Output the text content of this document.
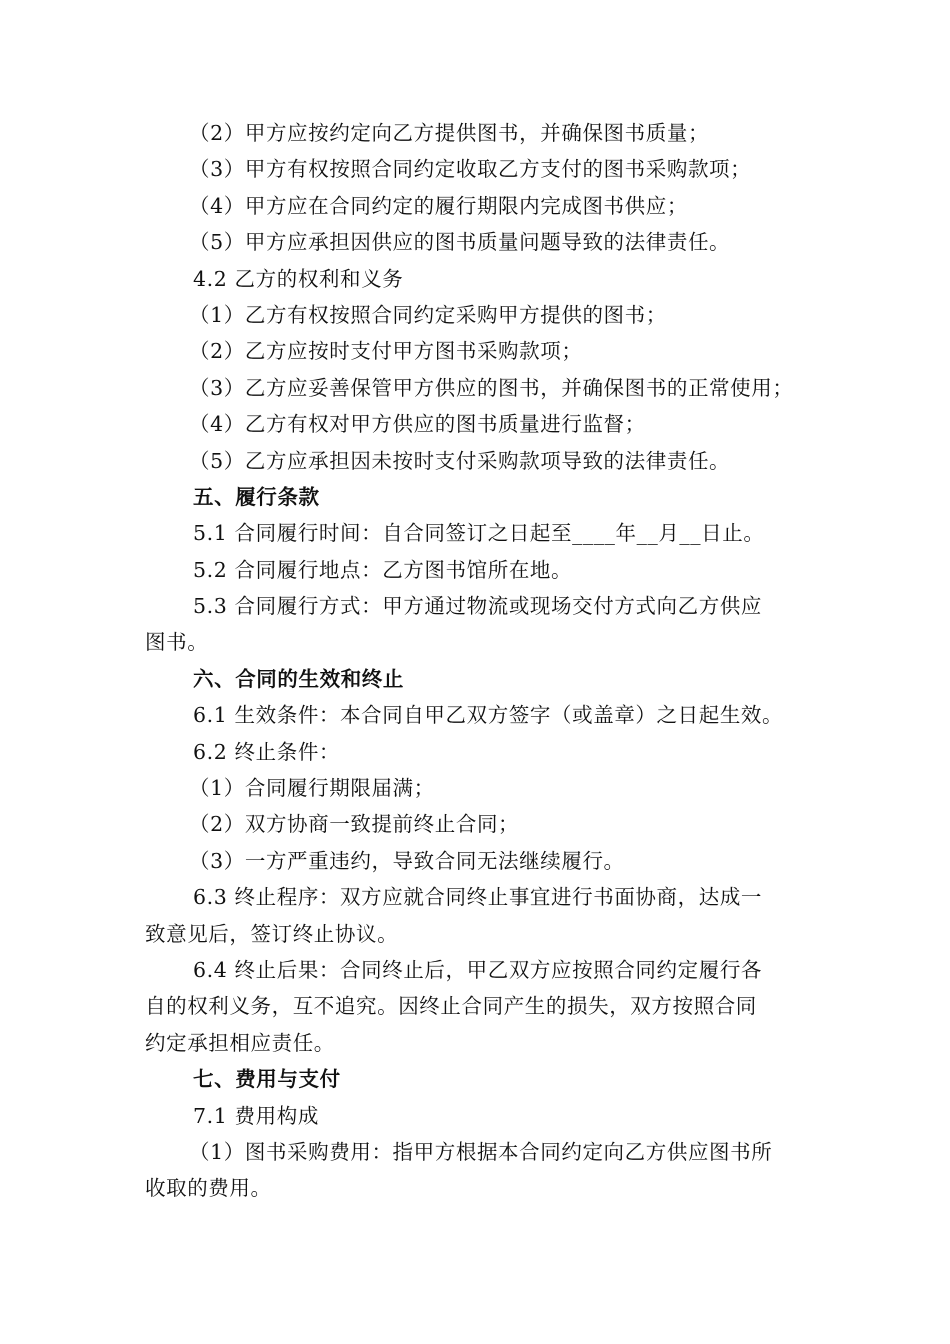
（2）甲方应按约定向乙方提供图书，并确保图书质量；
（3）甲方有权按照合同约定收取乙方支付的图书采购款项；
（4）甲方应在合同约定的履行期限内完成图书供应；
（5）甲方应承担因供应的图书质量问题导致的法律责任。
4.2 乙方的权利和义务
（1）乙方有权按照合同约定采购甲方提供的图书；
（2）乙方应按时支付甲方图书采购款项；
（3）乙方应妥善保管甲方供应的图书，并确保图书的正常使用；
（4）乙方有权对甲方供应的图书质量进行监督；
（5）乙方应承担因未按时支付采购款项导致的法律责任。
五、履行条款
5.1 合同履行时间：自合同签订之日起至____年__月__日止。
5.2 合同履行地点：乙方图书馆所在地。
5.3 合同履行方式：甲方通过物流或现场交付方式向乙方供应
图书。
六、合同的生效和终止
6.1 生效条件：本合同自甲乙双方签字（或盖章）之日起生效。
6.2 终止条件：
（1）合同履行期限届满；
（2）双方协商一致提前终止合同；
（3）一方严重违约，导致合同无法继续履行。
6.3 终止程序：双方应就合同终止事宜进行书面协商，达成一
致意见后，签订终止协议。
6.4 终止后果：合同终止后，甲乙双方应按照合同约定履行各
自的权利义务，互不追究。因终止合同产生的损失，双方按照合同
约定承担相应责任。
七、费用与支付
7.1 费用构成
（1）图书采购费用：指甲方根据本合同约定向乙方供应图书所
收取的费用。
